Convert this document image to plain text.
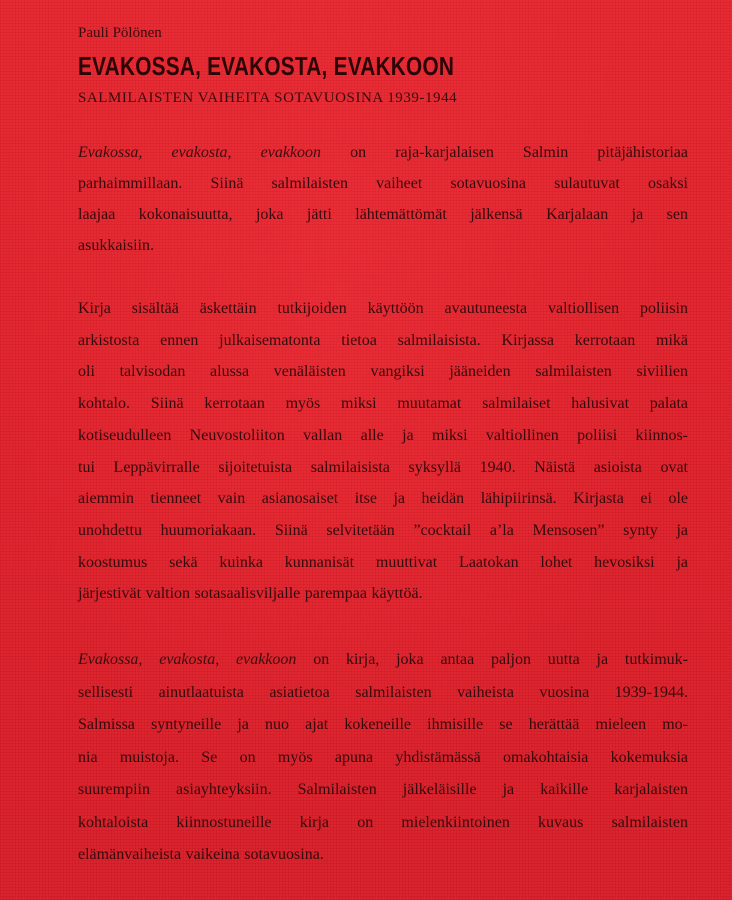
Pauli Pölönen
EVAKOSSA, EVAKOSTA, EVAKKOON
SALMILAISTEN VAIHEITA SOTAVUOSINA 1939-1944
Evakossa, evakosta, evakkoon on raja-karjalaisen Salmin pitäjähistoriaa
parhaimmillaan. Siinä salmilaisten vaiheet sotavuosina sulautuvat osaksi
laajaa kokonaisuutta, joka jätti lähtemättömät jälkensä Karjalaan ja sen
asukkaisiin.
Kirja sisältää äskettäin tutkijoiden käyttöön avautuneesta valtiollisen poliisin
arkistosta ennen julkaisematonta tietoa salmilaisista. Kirjassa kerrotaan mikä
oli talvisodan alussa venäläisten vangiksi jääneiden salmilaisten siviilien
kohtalo. Siinä kerrotaan myös miksi muutamat salmilaiset halusivat palata
kotiseudulleen Neuvostoliiton vallan alle ja miksi valtiollinen poliisi kiinnos-
tui Leppävirralle sijoitetuista salmilaisista syksyllä 1940. Näistä asioista ovat
aiemmin tienneet vain asianosaiset itse ja heidän lähipiirinsä. Kirjasta ei ole
unohdettu huumoriakaan. Siinä selvitetään ”cocktail a’la Mensosen” synty ja
koostumus sekä kuinka kunnanisät muuttivat Laatokan lohet hevosiksi ja
järjestivät valtion sotasaalisviljalle parempaa käyttöä.
Evakossa, evakosta, evakkoon on kirja, joka antaa paljon uutta ja tutkimuk-
sellisesti ainutlaatuista asiatietoa salmilaisten vaiheista vuosina 1939-1944.
Salmissa syntyneille ja nuo ajat kokeneille ihmisille se herättää mieleen mo-
nia muistoja. Se on myös apuna yhdistämässä omakohtaisia kokemuksia
suurempiin asiayhteyksiin. Salmilaisten jälkeläisille ja kaikille karjalaisten
kohtaloista kiinnostuneille kirja on mielenkiintoinen kuvaus salmilaisten
elämänvaiheista vaikeina sotavuosina.
